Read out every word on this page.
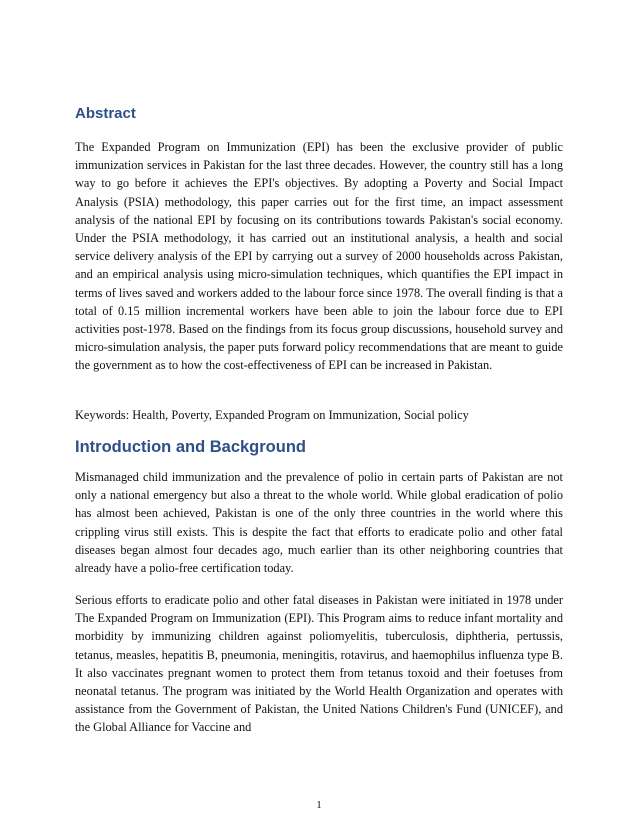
Abstract

The Expanded Program on Immunization (EPI) has been the exclusive provider of public immunization services in Pakistan for the last three decades. However, the country still has a long way to go before it achieves the EPI's objectives. By adopting a Poverty and Social Impact Analysis (PSIA) methodology, this paper carries out for the first time, an impact assessment analysis of the national EPI by focusing on its contributions towards Pakistan's social economy. Under the PSIA methodology, it has carried out an institutional analysis, a health and social service delivery analysis of the EPI by carrying out a survey of 2000 households across Pakistan, and an empirical analysis using micro-simulation techniques, which quantifies the EPI impact in terms of lives saved and workers added to the labour force since 1978. The overall finding is that a total of 0.15 million incremental workers have been able to join the labour force due to EPI activities post-1978. Based on the findings from its focus group discussions, household survey and micro-simulation analysis, the paper puts forward policy recommendations that are meant to guide the government as to how the cost-effectiveness of EPI can be increased in Pakistan.

Keywords: Health, Poverty, Expanded Program on Immunization, Social policy

Introduction and Background

Mismanaged child immunization and the prevalence of polio in certain parts of Pakistan are not only a national emergency but also a threat to the whole world. While global eradication of polio has almost been achieved, Pakistan is one of the only three countries in the world where this crippling virus still exists. This is despite the fact that efforts to eradicate polio and other fatal diseases began almost four decades ago, much earlier than its other neighboring countries that already have a polio-free certification today.

Serious efforts to eradicate polio and other fatal diseases in Pakistan were initiated in 1978 under The Expanded Program on Immunization (EPI). This Program aims to reduce infant mortality and morbidity by immunizing children against poliomyelitis, tuberculosis, diphtheria, pertussis, tetanus, measles, hepatitis B, pneumonia, meningitis, rotavirus, and haemophilus influenza type B. It also vaccinates pregnant women to protect them from tetanus toxoid and their foetuses from neonatal tetanus. The program was initiated by the World Health Organization and operates with assistance from the Government of Pakistan, the United Nations Children's Fund (UNICEF), and the Global Alliance for Vaccine and

1
